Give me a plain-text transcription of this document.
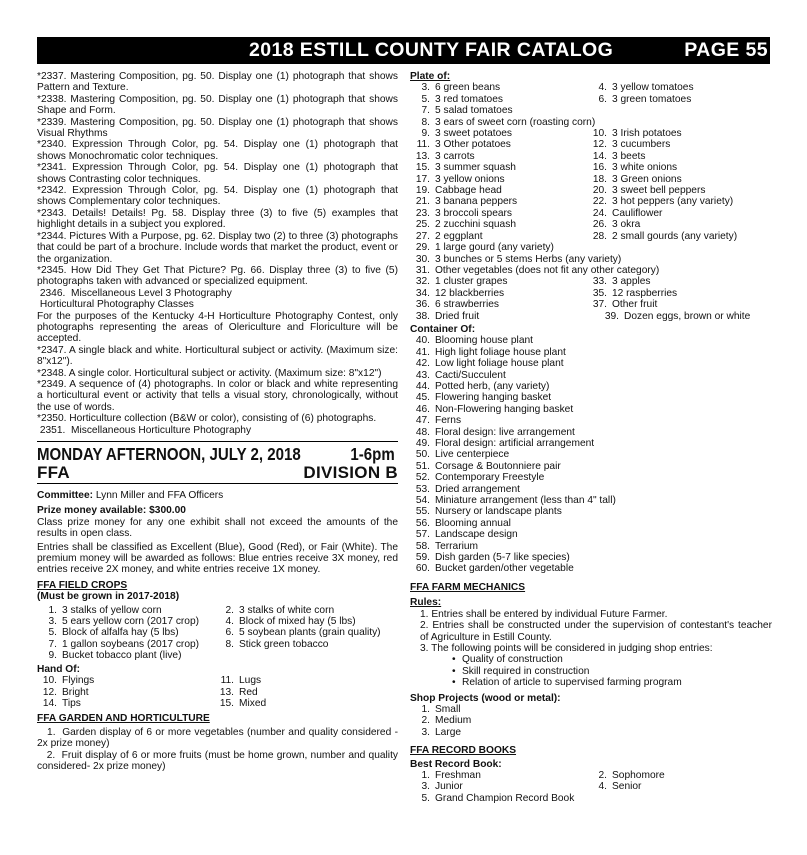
2018 ESTILL COUNTY FAIR CATALOG	PAGE 55

*2337. Mastering Composition, pg. 50. Display one (1) photograph that shows Pattern and Texture.

*2338. Mastering Composition, pg. 50. Display one (1) photograph that shows Shape and Form.

*2339. Mastering Composition, pg. 50. Display one (1) photograph that shows Visual Rhythms

*2340. Expression Through Color, pg. 54. Display one (1) photograph that shows Monochromatic color techniques.

*2341. Expression Through Color, pg. 54. Display one (1) photograph that shows Contrasting color techniques.

*2342. Expression Through Color, pg. 54. Display one (1) photograph that shows Complementary color techniques.

*2343. Details! Details! Pg. 58. Display three (3) to five (5) examples that highlight details in a subject you explored.

*2344. Pictures With a Purpose, pg. 62. Display two (2) to three (3) photographs that could be part of a brochure. Include words that market the product, event or the organization.

*2345. How Did They Get That Picture? Pg. 66. Display three (3) to five (5) photographs taken with advanced or specialized equipment.

2346.  Miscellaneous Level 3 Photography

Horticultural Photography Classes

For the purposes of the Kentucky 4-H Horticulture Photography Contest, only photographs representing the areas of Olericulture and Floriculture will be accepted.

*2347. A single black and white. Horticultural subject or activity. (Maximum size: 8"x12").

*2348. A single color. Horticultural subject or activity. (Maximum size: 8"x12")

*2349. A sequence of (4) photographs. In color or black and white representing a horticultural event or activity that tells a visual story, chronologically, without the use of words.

*2350. Horticulture collection (B&W or color), consisting of (6) photographs.

2351.  Miscellaneous Horticulture Photography

MONDAY AFTERNOON, JULY 2, 2018	1-6pm
FFA	DIVISION B

Committee: Lynn Miller and FFA Officers

Prize money available: $300.00

Class prize money for any one exhibit shall not exceed the amounts of the results in open class.

Entries shall be classified as Excellent (Blue), Good (Red), or Fair (White). The premium money will be awarded as follows: Blue entries receive 3X money, red entries receive 2X money, and white entries receive 1X money.

FFA FIELD CROPS

(Must be grown in 2017-2018)

1. 3 stalks of yellow corn	2. 3 stalks of white corn
3. 5 ears yellow corn (2017 crop)	4. Block of mixed hay (5 lbs)
5. Block of alfalfa hay (5 lbs)	6. 5 soybean plants (grain quality)
7. 1 gallon soybeans (2017 crop)	8. Stick green tobacco
9. Bucket tobacco plant (live)

Hand Of:

10. Flyings	11. Lugs
12. Bright	13. Red
14. Tips	15. Mixed

FFA GARDEN AND HORTICULTURE

1.  Garden display of 6 or more vegetables (number and quality considered - 2x prize money)

2.  Fruit display of 6 or more fruits (must be home grown, number and quality considered- 2x prize money)

Plate of:

3. 6 green beans	4. 3 yellow tomatoes
5. 3 red tomatoes	6. 3 green tomatoes
7. 5 salad tomatoes
8. 3 ears of sweet corn (roasting corn)
9. 3 sweet potatoes	10. 3 Irish potatoes
11. 3 Other potatoes	12. 3 cucumbers
13. 3 carrots	14. 3 beets
15. 3 summer squash	16. 3 white onions
17. 3 yellow onions	18. 3 Green onions
19. Cabbage head	20. 3 sweet bell peppers
21. 3 banana peppers	22. 3 hot peppers (any variety)
23. 3 broccoli spears	24. Cauliflower
25. 2 zucchini squash	26. 3 okra
27. 2 eggplant	28. 2 small gourds (any variety)
29. 1 large gourd (any variety)
30. 3 bunches or 5 stems Herbs (any variety)
31. Other vegetables (does not fit any other category)
32. 1 cluster grapes	33. 3 apples
34. 12 blackberries	35. 12 raspberries
36. 6 strawberries	37. Other fruit
38. Dried fruit	39. Dozen eggs, brown or white

Container Of:

40. Blooming house plant
41. High light foliage house plant
42. Low light foliage house plant
43. Cacti/Succulent
44. Potted herb, (any variety)
45. Flowering hanging basket
46. Non-Flowering hanging basket
47. Ferns
48. Floral design: live arrangement
49. Floral design: artificial arrangement
50. Live centerpiece
51. Corsage & Boutonniere pair
52. Contemporary Freestyle
53. Dried arrangement
54. Miniature arrangement (less than 4" tall)
55. Nursery or landscape plants
56. Blooming annual
57. Landscape design
58. Terrarium
59. Dish garden (5-7 like species)
60. Bucket garden/other vegetable

FFA FARM MECHANICS

Rules:

1. Entries shall be entered by individual Future Farmer.

2. Entries shall be constructed under the supervision of contestant's teacher of Agriculture in Estill County.

3. The following points will be considered in judging shop entries:

• Quality of construction
• Skill required in construction
• Relation of article to supervised farming program

Shop Projects (wood or metal):

1. Small
2. Medium
3. Large

FFA RECORD BOOKS

Best Record Book:

1. Freshman	2. Sophomore
3. Junior	4. Senior
5. Grand Champion Record Book
